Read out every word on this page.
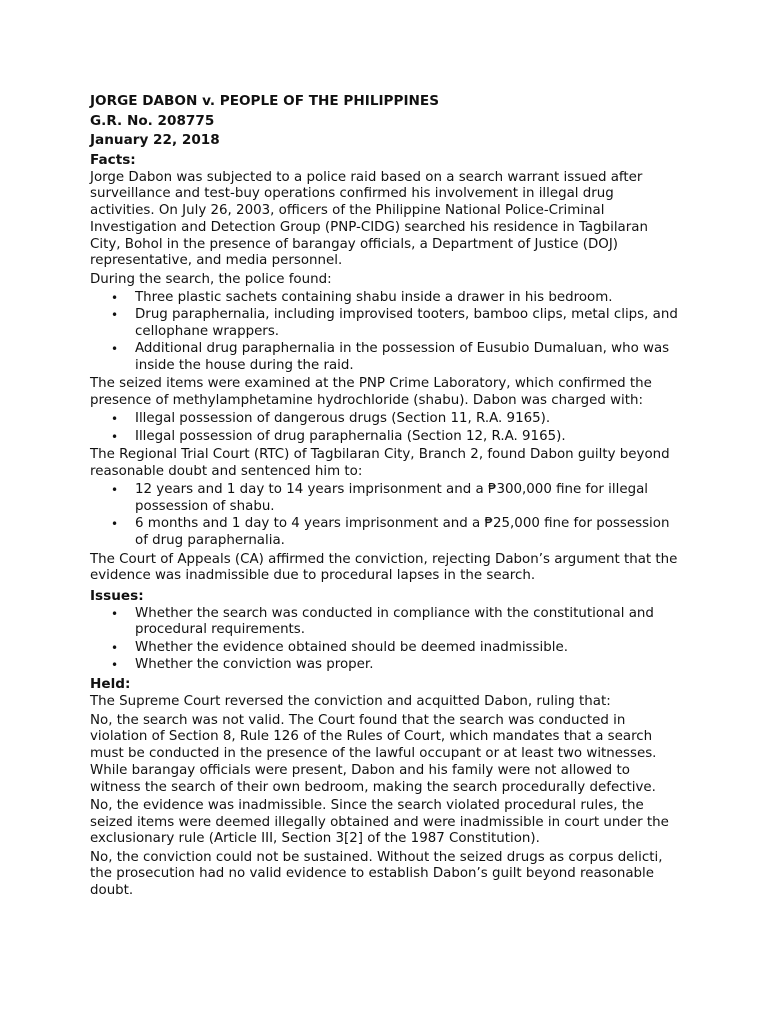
JORGE DABON v. PEOPLE OF THE PHILIPPINES
G.R. No. 208775
January 22, 2018
Facts:

Jorge Dabon was subjected to a police raid based on a search warrant issued after surveillance and test-buy operations confirmed his involvement in illegal drug activities. On July 26, 2003, officers of the Philippine National Police-Criminal Investigation and Detection Group (PNP-CIDG) searched his residence in Tagbilaran City, Bohol in the presence of barangay officials, a Department of Justice (DOJ) representative, and media personnel.

During the search, the police found:

• Three plastic sachets containing shabu inside a drawer in his bedroom.
• Drug paraphernalia, including improvised tooters, bamboo clips, metal clips, and cellophane wrappers.
• Additional drug paraphernalia in the possession of Eusubio Dumaluan, who was inside the house during the raid.

The seized items were examined at the PNP Crime Laboratory, which confirmed the presence of methylamphetamine hydrochloride (shabu). Dabon was charged with:

• Illegal possession of dangerous drugs (Section 11, R.A. 9165).
• Illegal possession of drug paraphernalia (Section 12, R.A. 9165).

The Regional Trial Court (RTC) of Tagbilaran City, Branch 2, found Dabon guilty beyond reasonable doubt and sentenced him to:

• 12 years and 1 day to 14 years imprisonment and a ₱300,000 fine for illegal possession of shabu.
• 6 months and 1 day to 4 years imprisonment and a ₱25,000 fine for possession of drug paraphernalia.

The Court of Appeals (CA) affirmed the conviction, rejecting Dabon’s argument that the evidence was inadmissible due to procedural lapses in the search.

Issues:
• Whether the search was conducted in compliance with the constitutional and procedural requirements.
• Whether the evidence obtained should be deemed inadmissible.
• Whether the conviction was proper.
Held:

The Supreme Court reversed the conviction and acquitted Dabon, ruling that:

No, the search was not valid. The Court found that the search was conducted in violation of Section 8, Rule 126 of the Rules of Court, which mandates that a search must be conducted in the presence of the lawful occupant or at least two witnesses. While barangay officials were present, Dabon and his family were not allowed to witness the search of their own bedroom, making the search procedurally defective.

No, the evidence was inadmissible. Since the search violated procedural rules, the seized items were deemed illegally obtained and were inadmissible in court under the exclusionary rule (Article III, Section 3[2] of the 1987 Constitution).

No, the conviction could not be sustained. Without the seized drugs as corpus delicti, the prosecution had no valid evidence to establish Dabon’s guilt beyond reasonable doubt.
